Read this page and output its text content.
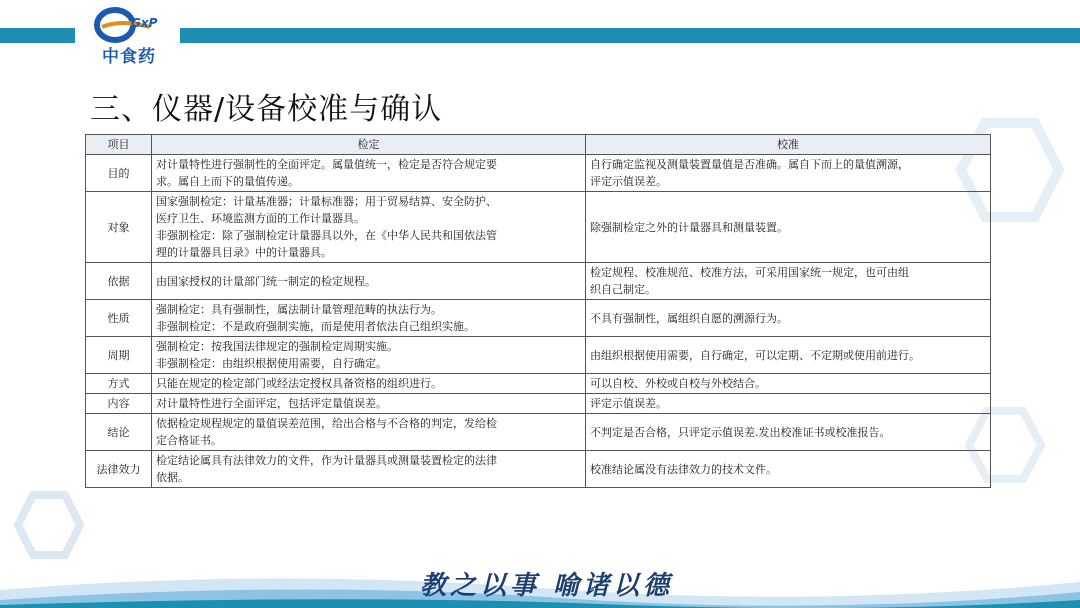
GxP
中食药
三、仪器/设备校准与确认
项目	检定	校准
目的	对计量特性进行强制性的全面评定。属量值统一，检定是否符合规定要
求。属自上而下的量值传递。	自行确定监视及测量装置量值是否准确。属自下而上的量值溯源，
评定示值误差。

对象	国家强制检定：计量基准器；计量标准器；用于贸易结算、安全防护、
医疗卫生、环境监测方面的工作计量器具。
非强制检定：除了强制检定计量器具以外，在《中华人民共和国依法管
理的计量器具目录》中的计量器具。	除强制检定之外的计量器具和测量装置。

依据	由国家授权的计量部门统一制定的检定规程。	检定规程、校准规范、校准方法，可采用国家统一规定，也可由组
织自己制定。

性质	强制检定：具有强制性，属法制计量管理范畴的执法行为。
非强制检定：不是政府强制实施，而是使用者依法自己组织实施。	不具有强制性，属组织自愿的溯源行为。

周期	强制检定：按我国法律规定的强制检定周期实施。
非强制检定：由组织根据使用需要，自行确定。	由组织根据使用需要，自行确定，可以定期、不定期或使用前进行。

方式	只能在规定的检定部门或经法定授权具备资格的组织进行。	可以自校、外校或自校与外校结合。

内容	对计量特性进行全面评定，包括评定量值误差。	评定示值误差。

结论	依据检定规程规定的量值误差范围，给出合格与不合格的判定，发给检
定合格证书。	不判定是否合格，只评定示值误差.发出校准证书或校准报告。

法律效力	检定结论属具有法律效力的文件，作为计量器具或测量装置检定的法律
依据。	校准结论属没有法律效力的技术文件。
教之以事 喻诸以德
